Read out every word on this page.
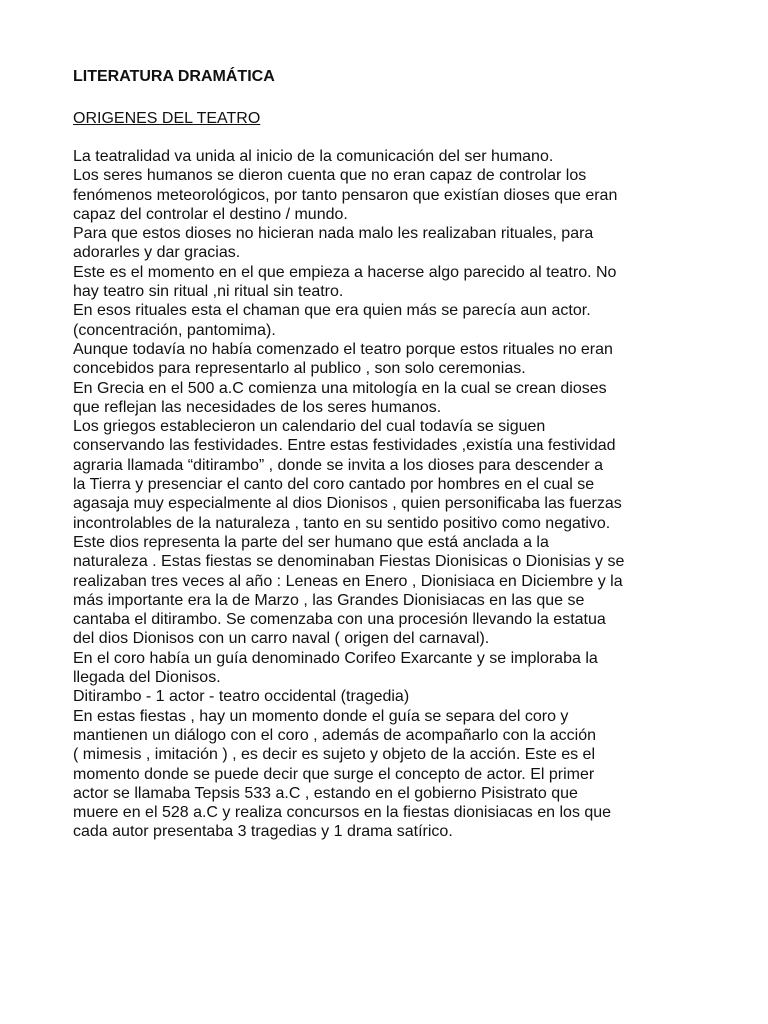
LITERATURA DRAMÁTICA

ORIGENES DEL TEATRO

La teatralidad va unida al inicio de la comunicación del ser humano.

Los seres humanos se dieron cuenta que no eran capaz de controlar los

fenómenos meteorológicos, por tanto pensaron que existían dioses que eran

capaz del controlar el destino / mundo.

Para que estos dioses no hicieran nada malo les realizaban rituales, para

adorarles y dar gracias.

Este es el momento en el que empieza a hacerse algo parecido al teatro. No

hay teatro sin ritual ,ni ritual sin teatro.

En esos rituales esta el chaman que era quien más se parecía aun actor.

(concentración, pantomima).

Aunque todavía no había comenzado el teatro porque estos rituales no eran

concebidos para representarlo al publico , son solo ceremonias.

En Grecia en el 500 a.C comienza una mitología en la cual se crean dioses

que reflejan las necesidades de los seres humanos.

Los griegos establecieron un calendario del cual todavía se siguen

conservando las festividades. Entre estas festividades ,existía una festividad

agraria llamada “ditirambo” , donde se invita a los dioses para descender a

la Tierra y presenciar el canto del coro cantado por hombres en el cual se

agasaja muy especialmente al dios Dionisos , quien personificaba las fuerzas

incontrolables de la naturaleza , tanto en su sentido positivo como negativo.

Este dios representa la parte del ser humano que está anclada a la

naturaleza . Estas fiestas se denominaban Fiestas Dionisicas o Dionisias y se

realizaban tres veces al año : Leneas en Enero , Dionisiaca en Diciembre y la

más importante era la de Marzo , las Grandes Dionisiacas en las que se

cantaba el ditirambo. Se comenzaba con una procesión llevando la estatua

del dios Dionisos con un carro naval ( origen del carnaval).

En el coro había un guía denominado Corifeo Exarcante y se imploraba la

llegada del Dionisos.

Ditirambo - 1 actor - teatro occidental (tragedia)

En estas fiestas , hay un momento donde el guía se separa del coro y

mantienen un diálogo con el coro , además de acompañarlo con la acción

( mimesis , imitación ) , es decir es sujeto y objeto de la acción. Este es el

momento donde se puede decir que surge el concepto de actor. El primer

actor se llamaba Tepsis 533 a.C , estando en el gobierno Pisistrato que

muere en el 528 a.C y realiza concursos en la fiestas dionisiacas en los que

cada autor presentaba 3 tragedias y 1 drama satírico.
